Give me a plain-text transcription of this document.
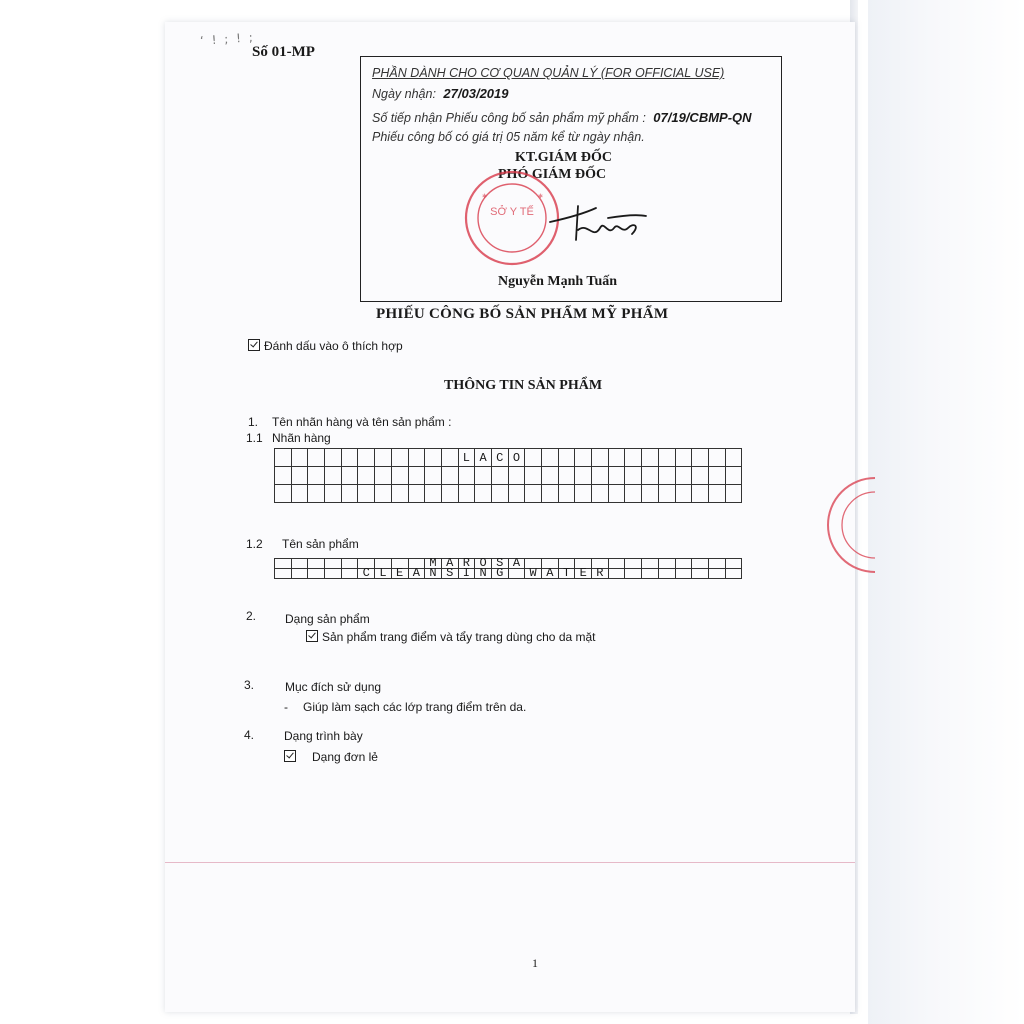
‘ ! ; ! ;
Số 01-MP
PHẦN DÀNH CHO CƠ QUAN QUẢN LÝ (FOR OFFICIAL USE)
Ngày nhận: 27/03/2019
Số tiếp nhận Phiếu công bố sản phẩm mỹ phẩm : 07/19/CBMP-QN
Phiếu công bố có giá trị 05 năm kể từ ngày nhận.
KT.GIÁM ĐỐC
PHÓ GIÁM ĐỐC
SỞ Y TẾ
✱	✱
Nguyễn Mạnh Tuấn
PHIẾU CÔNG BỐ SẢN PHẨM MỸ PHẨM
Đánh dấu vào ô thích hợp
THÔNG TIN SẢN PHẨM
1. Tên nhãn hàng và tên sản phẩm :
1.1 Nhãn hàng
											L	A	C	O													

1.2 Tên sản phẩm
									M	A	R	O	S	A													
					C	L	E	A	N	S	I	N	G		W	A	T	E	R								
2. Dạng sản phẩm
Sản phẩm trang điểm và tẩy trang dùng cho da mặt
3.	Mục đích sử dụng
- Giúp làm sạch các lớp trang điểm trên da.
4. Dạng trình bày
Dạng đơn lẻ
1
